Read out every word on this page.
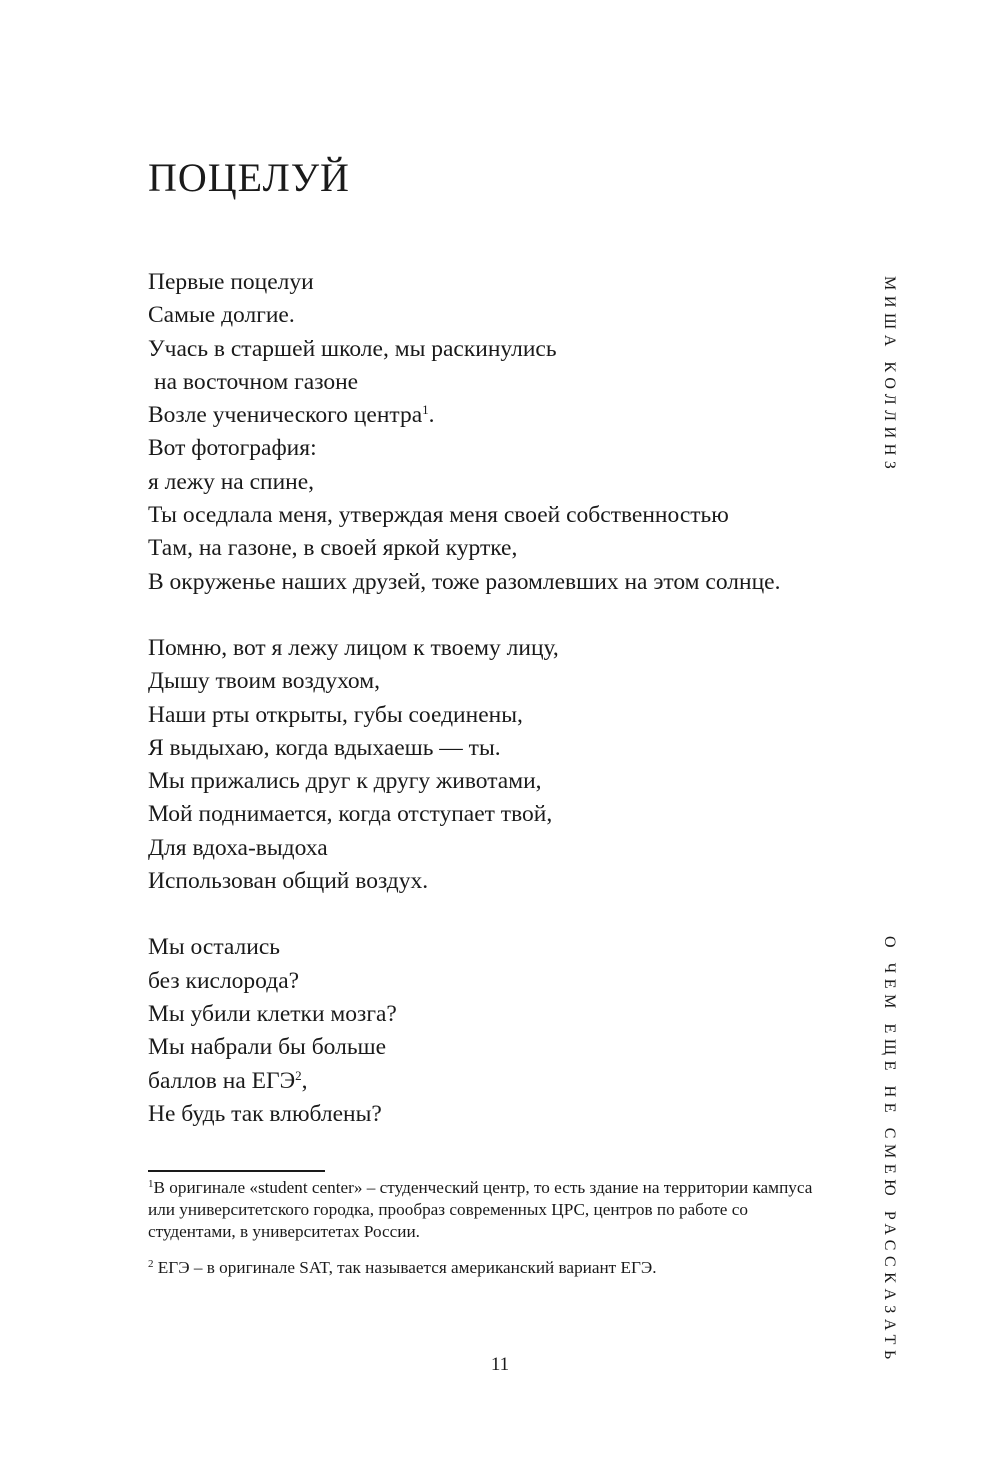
ПОЦЕЛУЙ
Первые поцелуи
Самые долгие.
Учась в старшей школе, мы раскинулись
на восточном газоне
Возле ученического центра$^1$.
Вот фотография:
я лежу на спине,
Ты оседлала меня, утверждая меня своей собственностью
Там, на газоне, в своей яркой куртке,
В окруженье наших друзей, тоже разомлевших на этом солнце.
Помню, вот я лежу лицом к твоему лицу,
Дышу твоим воздухом,
Наши рты открыты, губы соединены,
Я выдыхаю, когда вдыхаешь — ты.
Мы прижались друг к другу животами,
Мой поднимается, когда отступает твой,
Для вдоха-выдоха
Использован общий воздух.
Мы остались
без кислорода?
Мы убили клетки мозга?
Мы набрали бы больше
баллов на ЕГЭ$^2$,
Не будь так влюблены?
$^1$В оригинале «student center» – студенческий центр, то есть здание на территории кампуса или университетского городка, прообраз современных ЦРС, центров по работе со студентами, в университетах России.
$^2$ ЕГЭ – в оригинале SAT, так называется американский вариант ЕГЭ.
МИША КОЛЛИНЗ
О ЧЕМ ЕЩЕ НЕ СМЕЮ РАССКАЗАТЬ
11
